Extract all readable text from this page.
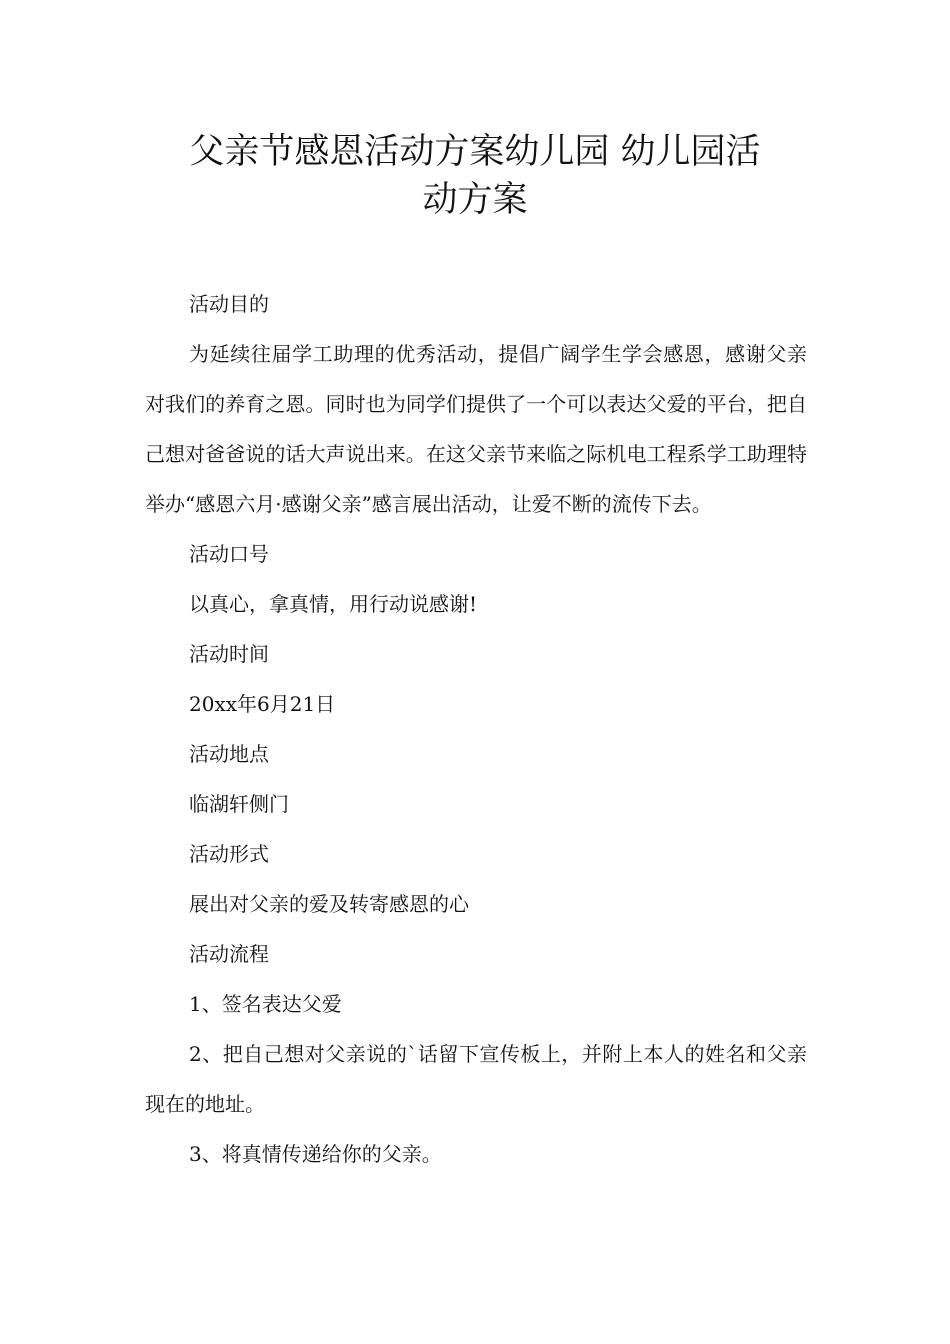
父亲节感恩活动方案幼儿园 幼儿园活
动方案

活动目的

为延续往届学工助理的优秀活动，提倡广阔学生学会感恩，感谢父亲对我们的养育之恩。同时也为同学们提供了一个可以表达父爱的平台，把自己想对爸爸说的话大声说出来。在这父亲节来临之际机电工程系学工助理特举办“感恩六月·感谢父亲”感言展出活动，让爱不断的流传下去。

活动口号

以真心，拿真情，用行动说感谢!

活动时间

20xx年6月21日

活动地点

临湖轩侧门

活动形式

展出对父亲的爱及转寄感恩的心

活动流程

1、签名表达父爱

2、把自己想对父亲说的`话留下宣传板上，并附上本人的姓名和父亲现在的地址。

3、将真情传递给你的父亲。
